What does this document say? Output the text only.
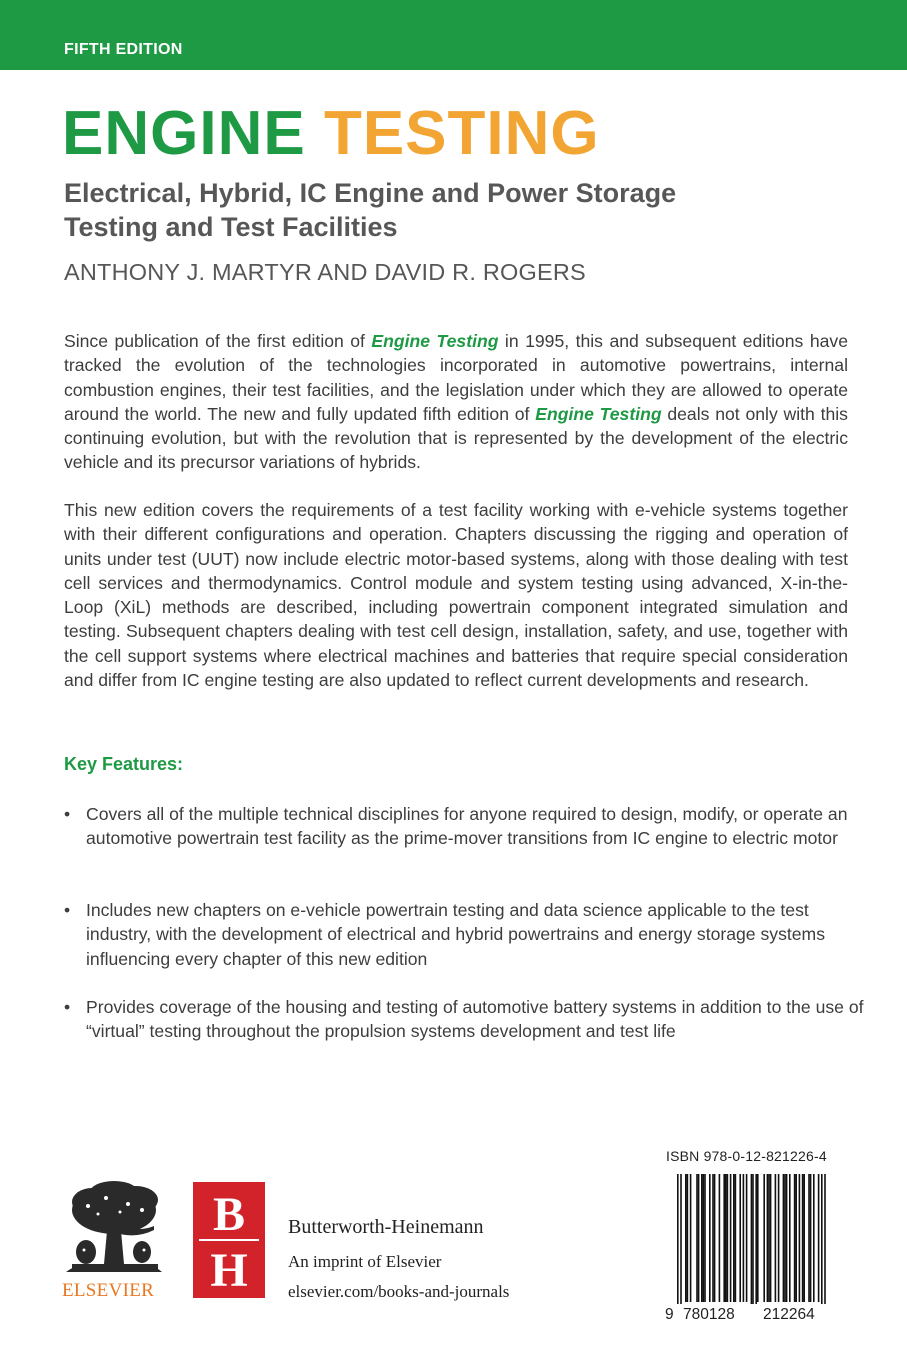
FIFTH EDITION

ENGINE TESTING
Electrical, Hybrid, IC Engine and Power Storage
Testing and Test Facilities

ANTHONY J. MARTYR AND DAVID R. ROGERS

Since publication of the first edition of Engine Testing in 1995, this and subsequent editions have tracked the evolution of the technologies incorporated in automotive powertrains, internal combustion engines, their test facilities, and the legislation under which they are allowed to operate around the world. The new and fully updated fifth edition of Engine Testing deals not only with this continuing evolution, but with the revolution that is represented by the development of the electric vehicle and its precursor variations of hybrids.

This new edition covers the requirements of a test facility working with e-vehicle systems together with their different configurations and operation. Chapters discussing the rigging and operation of units under test (UUT) now include electric motor-based systems, along with those dealing with test cell services and thermodynamics. Control module and system testing using advanced, X-in-the-Loop (XiL) methods are described, including powertrain component integrated simulation and testing. Subsequent chapters dealing with test cell design, installation, safety, and use, together with the cell support systems where electrical machines and batteries that require special consideration and differ from IC engine testing are also updated to reflect current developments and research.

Key Features:

• Covers all of the multiple technical disciplines for anyone required to design, modify, or operate an automotive powertrain test facility as the prime-mover transitions from IC engine to electric motor
• Includes new chapters on e-vehicle powertrain testing and data science applicable to the test industry, with the development of electrical and hybrid powertrains and energy storage systems influencing every chapter of this new edition
• Provides coverage of the housing and testing of automotive battery systems in addition to the use of “virtual” testing throughout the propulsion systems development and test life

ELSEVIER

B
H
Butterworth-Heinemann
An imprint of Elsevier
elsevier.com/books-and-journals

ISBN 978-0-12-821226-4

9 780128 212264
